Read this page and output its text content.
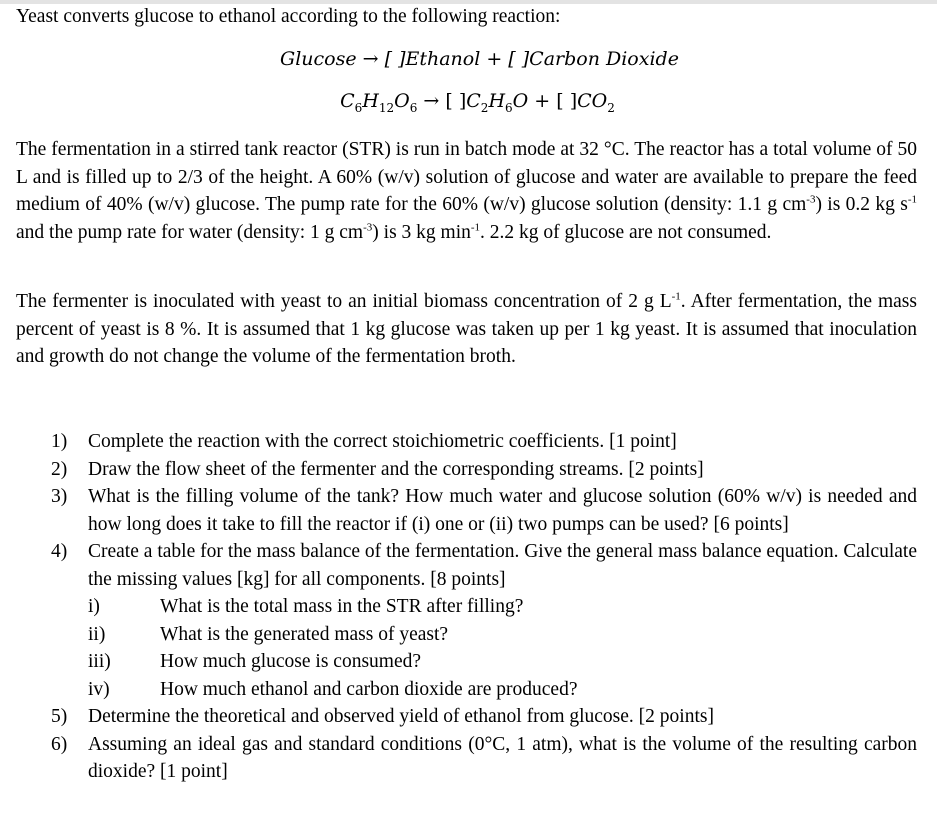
Yeast converts glucose to ethanol according to the following reaction:
Glucose → [ ]Ethanol + [ ]Carbon Dioxide
$C_6H_{12}O_6$ → [ ]$C_2H_6O$ + [ ]$CO_2$
The fermentation in a stirred tank reactor (STR) is run in batch mode at 32 °C. The reactor has a total volume of 50 L and is filled up to 2/3 of the height. A 60% (w/v) solution of glucose and water are available to prepare the feed medium of 40% (w/v) glucose. The pump rate for the 60% (w/v) glucose solution (density: 1.1 g $cm^{-3}$) is 0.2 kg $s^{-1}$ and the pump rate for water (density: 1 g $cm^{-3}$) is 3 kg $\min^{-1}$. 2.2 kg of glucose are not consumed.
The fermenter is inoculated with yeast to an initial biomass concentration of 2 g $L^{-1}$. After fermentation, the mass percent of yeast is 8 %. It is assumed that 1 kg glucose was taken up per 1 kg yeast. It is assumed that inoculation and growth do not change the volume of the fermentation broth.
1) Complete the reaction with the correct stoichiometric coefficients. [1 point]
2) Draw the flow sheet of the fermenter and the corresponding streams. [2 points]
3) What is the filling volume of the tank? How much water and glucose solution (60% w/v) is needed and how long does it take to fill the reactor if (i) one or (ii) two pumps can be used? [6 points]
4) Create a table for the mass balance of the fermentation. Give the general mass balance equation. Calculate the missing values [kg] for all components. [8 points]
i)	What is the total mass in the STR after filling?
ii)	What is the generated mass of yeast?
iii)	How much glucose is consumed?
iv)	How much ethanol and carbon dioxide are produced?
5) Determine the theoretical and observed yield of ethanol from glucose. [2 points]
6) Assuming an ideal gas and standard conditions (0°C, 1 atm), what is the volume of the resulting carbon dioxide? [1 point]
